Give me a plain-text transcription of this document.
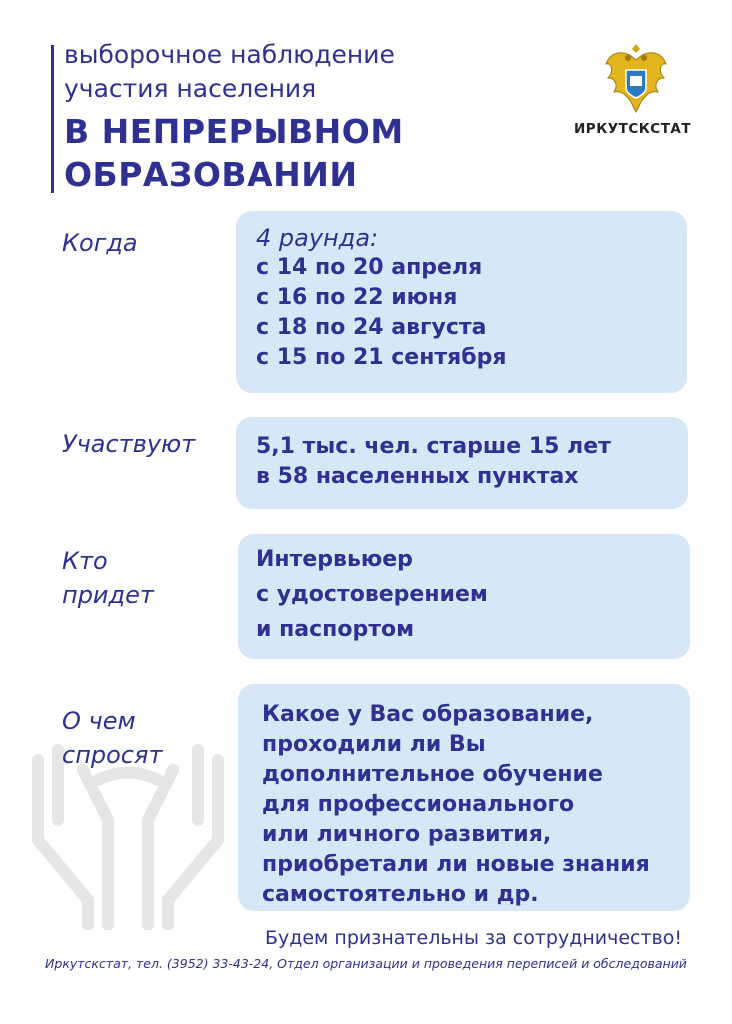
выборочное наблюдение
участия населения
В НЕПРЕРЫВНОМ
ОБРАЗОВАНИИ
ИРКУТСКСТАТ
Когда	4 раунда:
с 14 по 20 апреля
с 16 по 22 июня
с 18 по 24 августа
с 15 по 21 сентября
Участвуют	5,1 тыс. чел. старше 15 лет
в 58 населенных пунктах
Кто
придет
Интервьюер
с удостоверением
и паспортом
О чем
спросят
Какое у Вас образование,
проходили ли Вы
дополнительное обучение
для профессионального
или личного развития,
приобретали ли новые знания
самостоятельно и др.
Будем признательны за сотрудничество!
Иркутскстат, тел. (3952) 33-43-24, Отдел организации и проведения переписей и обследований
